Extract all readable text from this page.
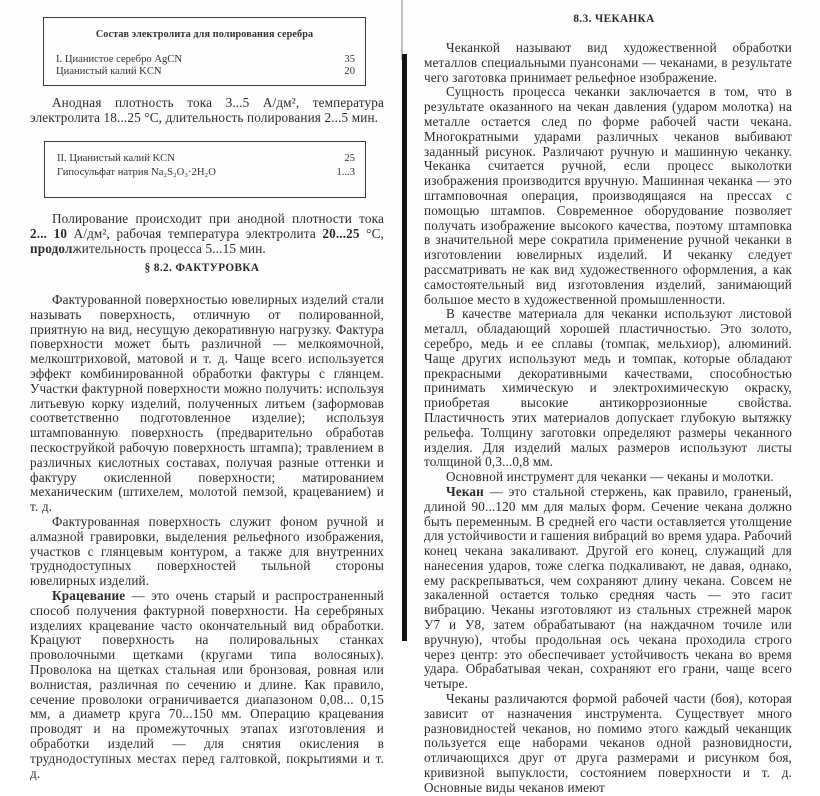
Состав электролита для полирования серебра
I. Цианистое серебро AgCN	35
Цианистый калий KCN	20

Анодная плотность тока 3...5 А/дм², температура электролита 18...25 °С, длительность полирования 2...5 мин.

II. Цианистый калий KCN	25
Гипосульфат натрия Na₂S₂O₃·2H₂O	1...3

Полирование происходит при анодной плотности тока 2... 10 А/дм², рабочая температура электролита 20...25 °С, продолжительность процесса 5...15 мин.

§ 8.2. ФАКТУРОВКА

Фактурованной поверхностью ювелирных изделий стали называть поверхность, отличную от полированной, приятную на вид, несущую декоративную нагрузку. Фактура поверхности может быть различной — мелкоямочной, мелкоштриховой, матовой и т. д. Чаще всего используется эффект комбинированной обработки фактуры с глянцем. Участки фактурной поверхности можно получить: используя литьевую корку изделий, полученных литьем (заформовав соответственно подготовленное изделие); используя штампованную поверхность (предварительно обработав пескоструйкой рабочую поверхность штампа); травлением в различных кислотных составах, получая разные оттенки и фактуру окисленной поверхности; матированием механическим (штихелем, молотой пемзой, крацеванием) и т. д.

Фактурованная поверхность служит фоном ручной и алмазной гравировки, выделения рельефного изображения, участков с глянцевым контуром, а также для внутренних труднодоступных поверхностей тыльной стороны ювелирных изделий.

Крацевание — это очень старый и распространенный способ получения фактурной поверхности. На серебряных изделиях крацевание часто окончательный вид обработки. Крацуют поверхность на полировальных станках проволочными щетками (кругами типа волосяных). Проволока на щетках стальная или бронзовая, ровная или волнистая, различная по сечению и длине. Как правило, сечение проволоки ограничивается диапазоном 0,08... 0,15 мм, а диаметр круга 70...150 мм. Операцию крацевания проводят и на промежуточных этапах изготовления и обработки изделий — для снятия окисления в труднодоступных местах перед галтовкой, покрытиями и т. д.

8.3. ЧЕКАНКА

Чеканкой называют вид художественной обработки металлов специальными пуансонами — чеканами, в результате чего заготовка принимает рельефное изображение.

Сущность процесса чеканки заключается в том, что в результате оказанного на чекан давления (ударом молотка) на металле остается след по форме рабочей части чекана. Многократными ударами различных чеканов выбивают заданный рисунок. Различают ручную и машинную чеканку. Чеканка считается ручной, если процесс выколотки изображения производится вручную. Машинная чеканка — это штамповочная операция, производящаяся на прессах с помощью штампов. Современное оборудование позволяет получать изображение высокого качества, поэтому штамповка в значительной мере сократила применение ручной чеканки в изготовлении ювелирных изделий. И чеканку следует рассматривать не как вид художественного оформления, а как самостоятельный вид изготовления изделий, занимающий большое место в художественной промышленности.

В качестве материала для чеканки используют листовой металл, обладающий хорошей пластичностью. Это золото, серебро, медь и ее сплавы (томпак, мельхиор), алюминий. Чаще других используют медь и томпак, которые обладают прекрасными декоративными качествами, способностью принимать химическую и электрохимическую окраску, приобретая высокие антикоррозионные свойства. Пластичность этих материалов допускает глубокую вытяжку рельефа. Толщину заготовки определяют размеры чеканного изделия. Для изделий малых размеров используют листы толщиной 0,3...0,8 мм.

Основной инструмент для чеканки — чеканы и молотки.

Чекан — это стальной стержень, как правило, граненый, длиной 90...120 мм для малых форм. Сечение чекана должно быть переменным. В средней его части оставляется утолщение для устойчивости и гашения вибраций во время удара. Рабочий конец чекана закаливают. Другой его конец, служащий для нанесения ударов, тоже слегка подкаливают, не давая, однако, ему раскрепываться, чем сохраняют длину чекана. Совсем не закаленной остается только средняя часть — это гасит вибрацию. Чеканы изготовляют из стальных стрежней марок У7 и У8, затем обрабатывают (на наждачном точиле или вручную), чтобы продольная ось чекана проходила строго через центр: это обеспечивает устойчивость чекана во время удара. Обрабатывая чекан, сохраняют его грани, чаще всего четыре.

Чеканы различаются формой рабочей части (боя), которая зависит от назначения инструмента. Существует много разновидностей чеканов, но помимо этого каждый чеканщик пользуется еще наборами чеканов одной разновидности, отличающихся друг от друга размерами и рисунком боя, кривизной выпуклости, состоянием поверхности и т. д. Основные виды чеканов имеют
